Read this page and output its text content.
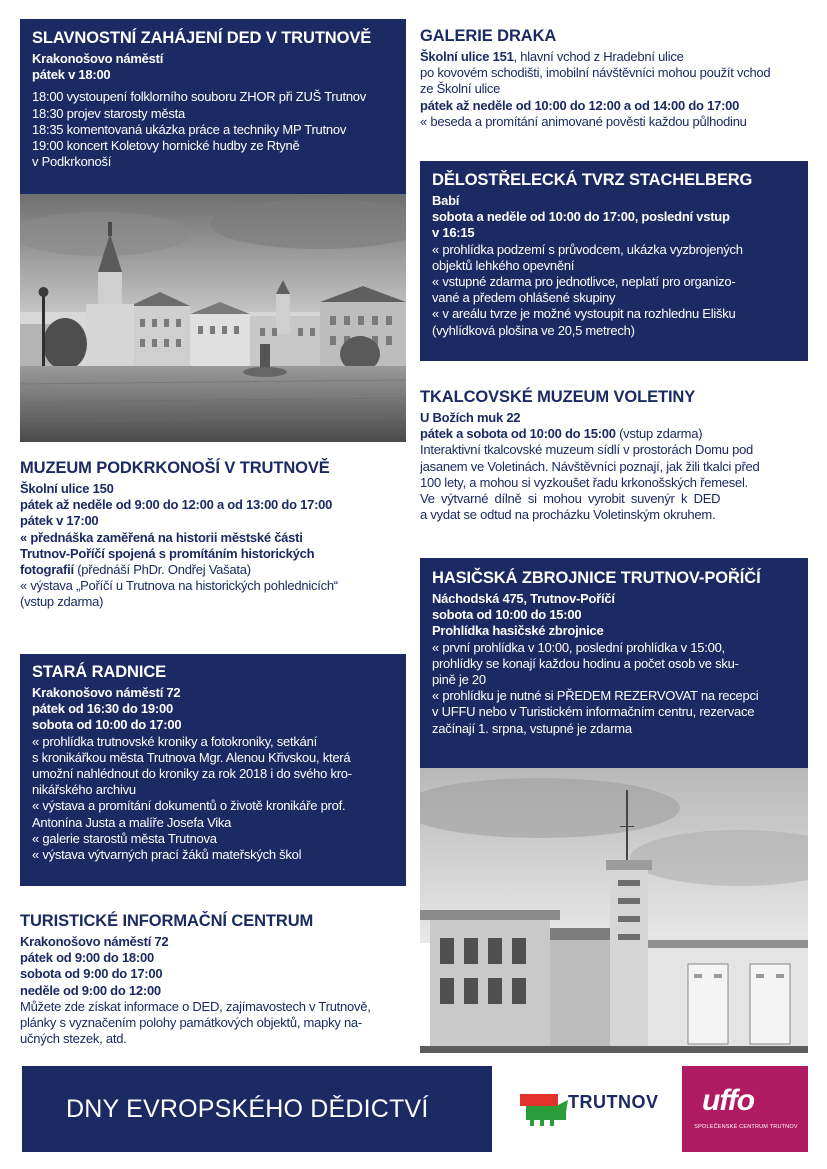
SLAVNOSTNÍ ZAHÁJENÍ DED V TRUTNOVĚ
Krakonošovo náměstí
pátek v 18:00
18:00 vystoupení folklorního souboru ZHOR při ZUŠ Trutnov
18:30 projev starosty města
18:35 komentovaná ukázka práce a techniky MP Trutnov
19:00 koncert Koletovy hornické hudby ze Rtyně
v Podkrkonoší
MUZEUM PODKRKONOŠÍ V TRUTNOVĚ
Školní ulice 150
pátek až neděle od 9:00 do 12:00 a od 13:00 do 17:00
pátek v 17:00
« přednáška zaměřená na historii městské části
Trutnov-Poříčí spojená s promítáním historických
fotografií (přednáší PhDr. Ondřej Vašata)
« výstava „Poříčí u Trutnova na historických pohlednicích“
(vstup zdarma)
STARÁ RADNICE
Krakonošovo náměstí 72
pátek od 16:30 do 19:00
sobota od 10:00 do 17:00
« prohlídka trutnovské kroniky a fotokroniky, setkání
s kronikářkou města Trutnova Mgr. Alenou Křivskou, která
umožní nahlédnout do kroniky za rok 2018 i do svého kro-
nikářského archivu
« výstava a promítání dokumentů o životě kronikáře prof.
Antonína Justa a malíře Josefa Vika
« galerie starostů města Trutnova
« výstava výtvarných prací žáků mateřských škol
TURISTICKÉ INFORMAČNÍ CENTRUM
Krakonošovo náměstí 72
pátek od 9:00 do 18:00
sobota od 9:00 do 17:00
neděle od 9:00 do 12:00
Můžete zde získat informace o DED, zajímavostech v Trutnově,
plánky s vyznačením polohy památkových objektů, mapky na-
učných stezek, atd.
GALERIE DRAKA
Školní ulice 151, hlavní vchod z Hradební ulice
po kovovém schodišti, imobilní návštěvníci mohou použít vchod
ze Školní ulice
pátek až neděle od 10:00 do 12:00 a od 14:00 do 17:00
« beseda a promítání animované pověsti každou půlhodinu
DĚLOSTŘELECKÁ TVRZ STACHELBERG
Babí
sobota a neděle od 10:00 do 17:00, poslední vstup
v 16:15
« prohlídka podzemí s průvodcem, ukázka vyzbrojených
objektů lehkého opevnění
« vstupné zdarma pro jednotlivce, neplatí pro organizo-
vané a předem ohlášené skupiny
« v areálu tvrze je možné vystoupit na rozhlednu Elišku
(vyhlídková plošina ve 20,5 metrech)
TKALCOVSKÉ MUZEUM VOLETINY
U Božích muk 22
pátek a sobota od 10:00 do 15:00 (vstup zdarma)
Interaktivní tkalcovské muzeum sídlí v prostorách Domu pod
jasanem ve Voletinách. Návštěvníci poznají, jak žili tkalci před
100 lety, a mohou si vyzkoušet řadu krkonošských řemesel.
Ve výtvarné dílně si mohou vyrobit suvenýr k DED
a vydat se odtud na procházku Voletinským okruhem.
HASIČSKÁ ZBROJNICE TRUTNOV-POŘÍČÍ
Náchodská 475, Trutnov-Poříčí
sobota od 10:00 do 15:00
Prohlídka hasičské zbrojnice
« první prohlídka v 10:00, poslední prohlídka v 15:00,
prohlídky se konají každou hodinu a počet osob ve sku-
pině je 20
« prohlídku je nutné si PŘEDEM REZERVOVAT na recepci
v UFFU nebo v Turistickém informačním centru, rezervace
začínají 1. srpna, vstupné je zdarma
DNY EVROPSKÉHO DĚDICTVÍ	TRUTNOV uffo
SPOLEČENSKÉ CENTRUM TRUTNOV
